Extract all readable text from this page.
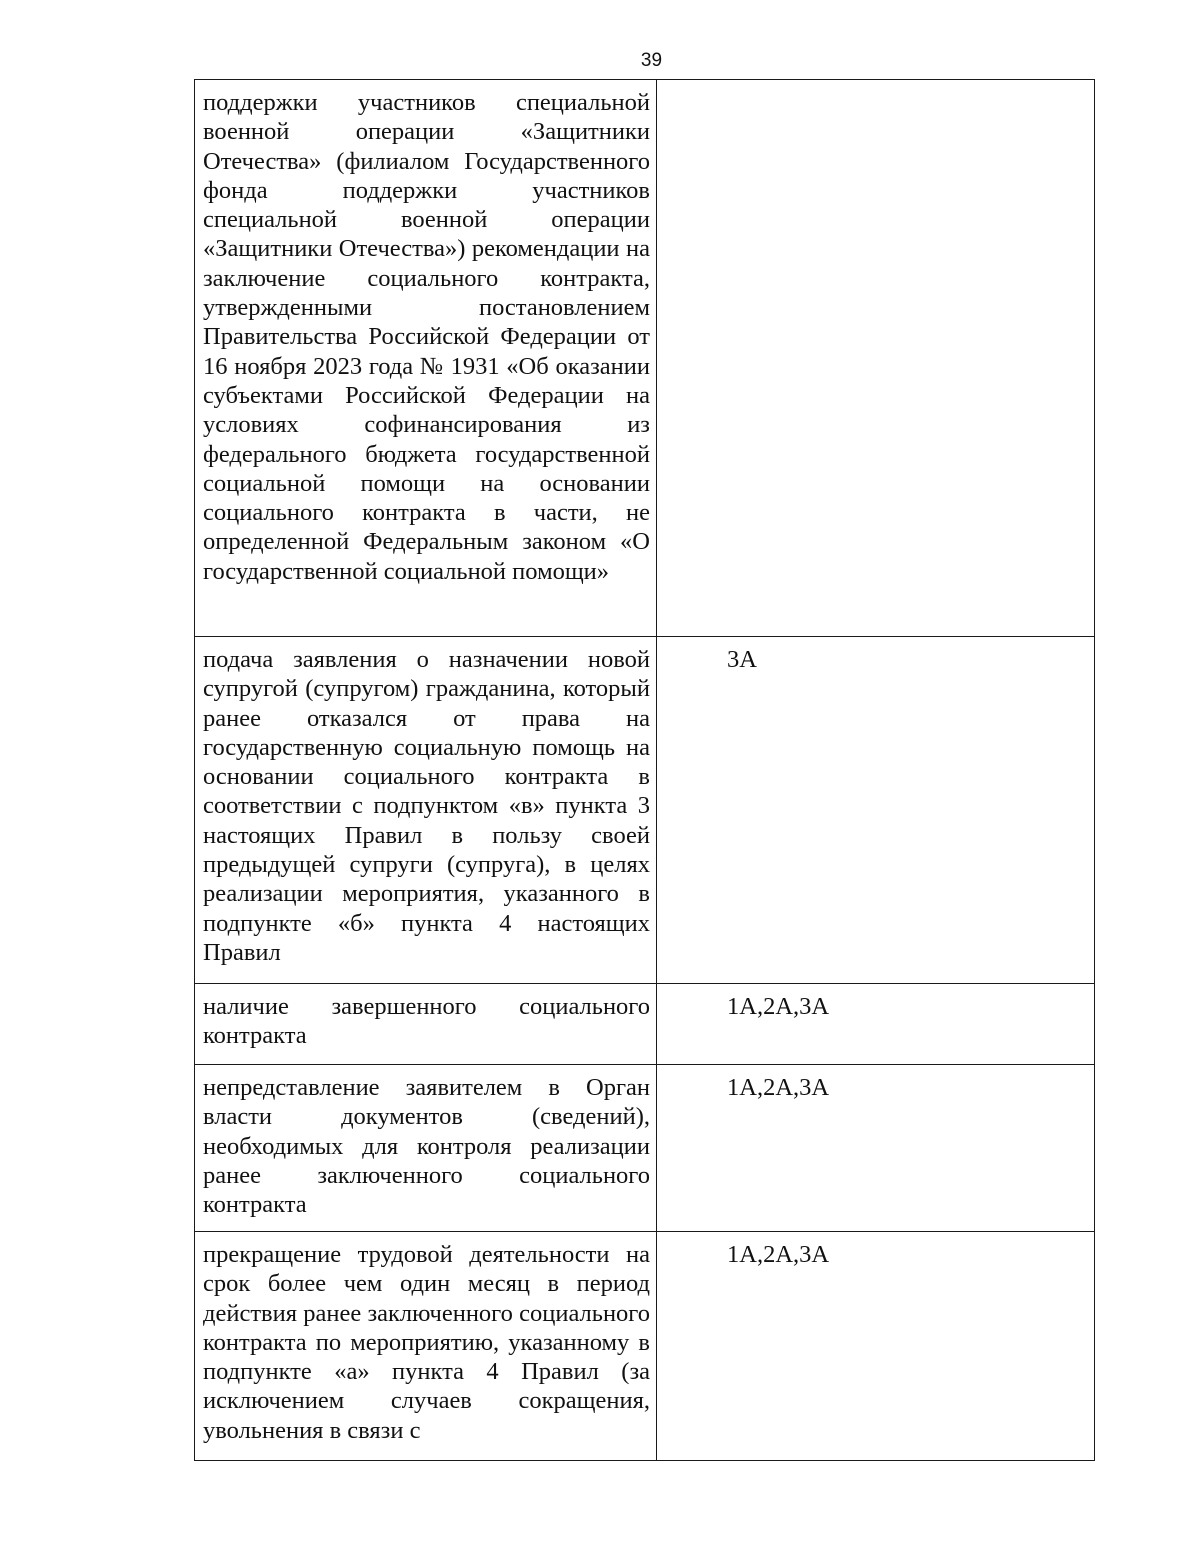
39
поддержки участников специальной военной операции «Защитники Отечества» (филиалом Государственного фонда поддержки участников специальной военной операции «Защитники Отечества») рекомендации на заключение социального контракта, утвержденными постановлением Правительства Российской Федерации от 16 ноября 2023 года № 1931 «Об оказании субъектами Российской Федерации на условиях софинансирования из федерального бюджета государственной социальной помощи на основании социального контракта в части, не определенной Федеральным законом «О государственной социальной помощи»	

подача заявления о назначении новой супругой (супругом) гражданина, который ранее отказался от права на государственную социальную помощь на основании социального контракта в соответствии с подпунктом «в» пункта 3 настоящих Правил в пользу своей предыдущей супруги (супруга), в целях реализации мероприятия, указанного в подпункте «б» пункта 4 настоящих Правил	3А

наличие завершенного социального контракта	1А,2А,3А

непредставление заявителем в Орган власти документов (сведений), необходимых для контроля реализации ранее заключенного социального контракта	1А,2А,3А

прекращение трудовой деятельности на срок более чем один месяц в период действия ранее заключенного социального контракта по мероприятию, указанному в подпункте «а» пункта 4 Правил (за исключением случаев сокращения, увольнения в связи с	1А,2А,3А
